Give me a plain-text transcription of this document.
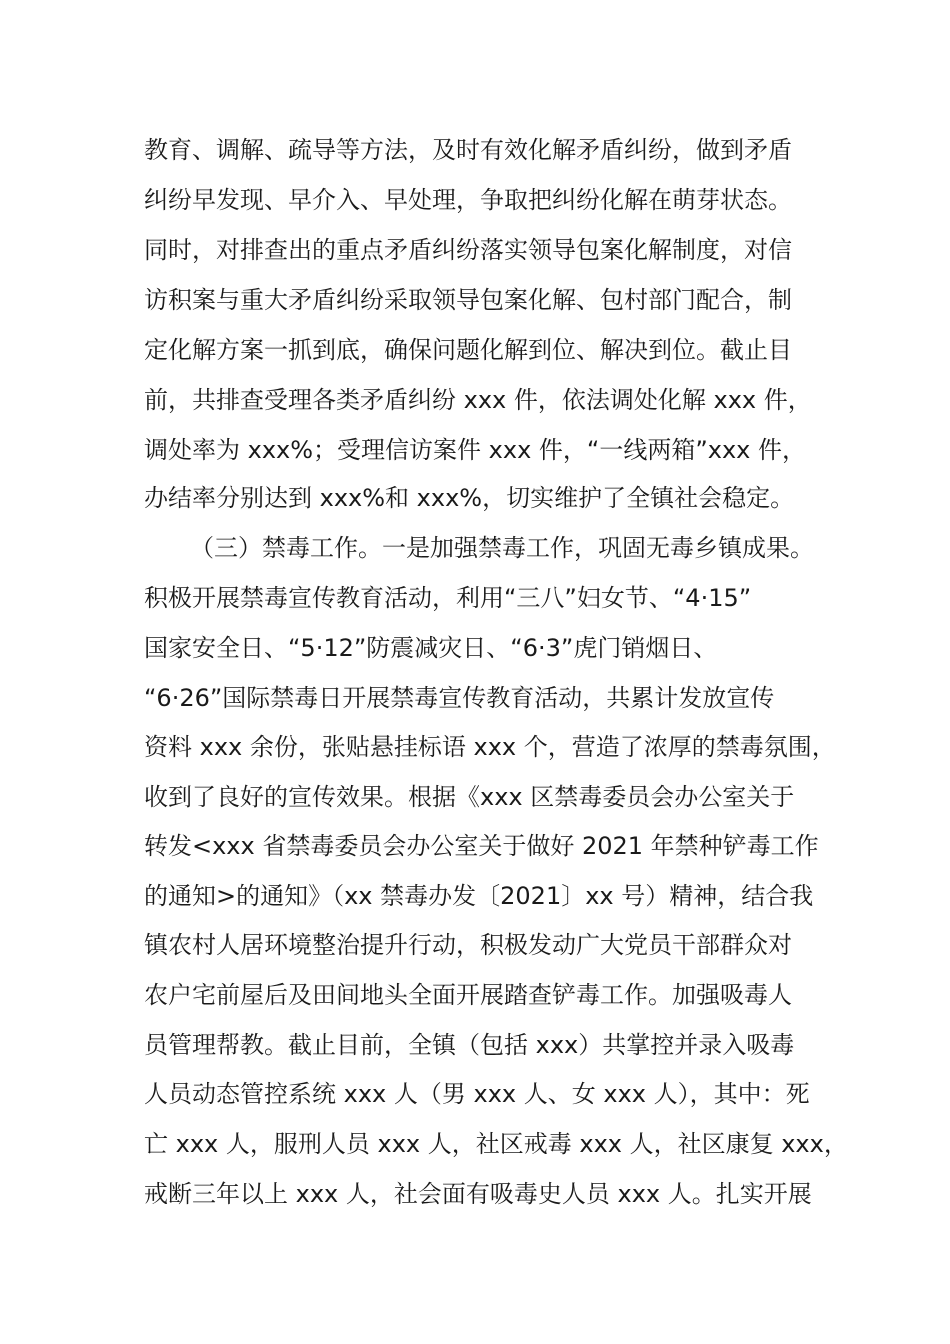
教育、调解、疏导等方法，及时有效化解矛盾纠纷，做到矛盾
纠纷早发现、早介入、早处理，争取把纠纷化解在萌芽状态。
同时，对排查出的重点矛盾纠纷落实领导包案化解制度，对信
访积案与重大矛盾纠纷采取领导包案化解、包村部门配合，制
定化解方案一抓到底，确保问题化解到位、解决到位。截止目
前，共排查受理各类矛盾纠纷 xxx 件，依法调处化解 xxx 件，
调处率为 xxx%；受理信访案件 xxx 件，“一线两箱”xxx 件，
办结率分别达到 xxx%和 xxx%，切实维护了全镇社会稳定。
（三）禁毒工作。一是加强禁毒工作，巩固无毒乡镇成果。
积极开展禁毒宣传教育活动，利用“三八”妇女节、“4·15”
国家安全日、“5·12”防震减灾日、“6·3”虎门销烟日、
“6·26”国际禁毒日开展禁毒宣传教育活动，共累计发放宣传
资料 xxx 余份，张贴悬挂标语 xxx 个，营造了浓厚的禁毒氛围，
收到了良好的宣传效果。根据《xxx 区禁毒委员会办公室关于
转发<xxx 省禁毒委员会办公室关于做好 2021 年禁种铲毒工作
的通知>的通知》（xx 禁毒办发〔2021〕xx 号）精神，结合我
镇农村人居环境整治提升行动，积极发动广大党员干部群众对
农户宅前屋后及田间地头全面开展踏查铲毒工作。加强吸毒人
员管理帮教。截止目前，全镇（包括 xxx）共掌控并录入吸毒
人员动态管控系统 xxx 人（男 xxx 人、女 xxx 人），其中：死
亡 xxx 人，服刑人员 xxx 人，社区戒毒 xxx 人，社区康复 xxx，
戒断三年以上 xxx 人，社会面有吸毒史人员 xxx 人。扎实开展
